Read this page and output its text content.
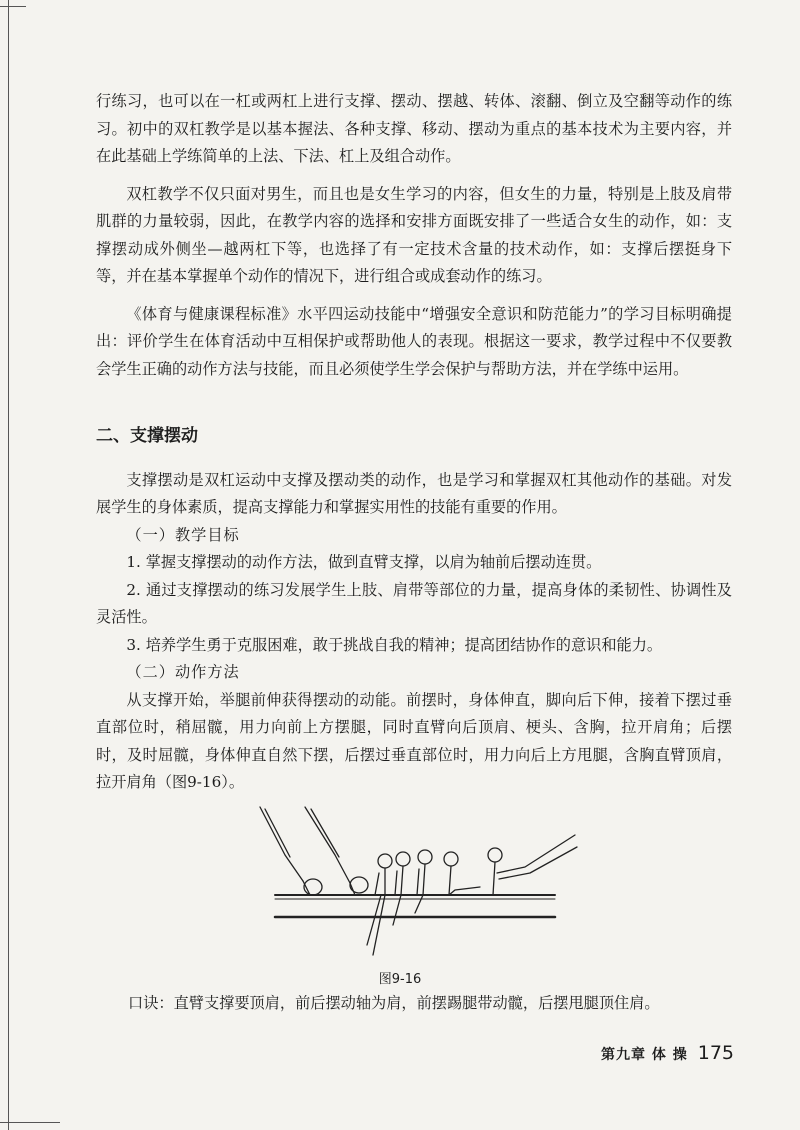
行练习，也可以在一杠或两杠上进行支撑、摆动、摆越、转体、滚翻、倒立及空翻等动作的练习。初中的双杠教学是以基本握法、各种支撑、移动、摆动为重点的基本技术为主要内容，并在此基础上学练简单的上法、下法、杠上及组合动作。

双杠教学不仅只面对男生，而且也是女生学习的内容，但女生的力量，特别是上肢及肩带肌群的力量较弱，因此，在教学内容的选择和安排方面既安排了一些适合女生的动作，如：支撑摆动成外侧坐—越两杠下等，也选择了有一定技术含量的技术动作，如：支撑后摆挺身下等，并在基本掌握单个动作的情况下，进行组合或成套动作的练习。

《体育与健康课程标准》水平四运动技能中“增强安全意识和防范能力”的学习目标明确提出：评价学生在体育活动中互相保护或帮助他人的表现。根据这一要求，教学过程中不仅要教会学生正确的动作方法与技能，而且必须使学生学会保护与帮助方法，并在学练中运用。

二、支撑摆动

支撑摆动是双杠运动中支撑及摆动类的动作，也是学习和掌握双杠其他动作的基础。对发展学生的身体素质，提高支撑能力和掌握实用性的技能有重要的作用。

（一）教学目标

1. 掌握支撑摆动的动作方法，做到直臂支撑，以肩为轴前后摆动连贯。

2. 通过支撑摆动的练习发展学生上肢、肩带等部位的力量，提高身体的柔韧性、协调性及灵活性。

3. 培养学生勇于克服困难，敢于挑战自我的精神；提高团结协作的意识和能力。

（二）动作方法

从支撑开始，举腿前伸获得摆动的动能。前摆时，身体伸直，脚向后下伸，接着下摆过垂直部位时，稍屈髋，用力向前上方摆腿，同时直臂向后顶肩、梗头、含胸，拉开肩角；后摆时，及时屈髋，身体伸直自然下摆，后摆过垂直部位时，用力向后上方甩腿，含胸直臂顶肩，拉开肩角（图9-16）。

图9-16
口诀：直臂支撑要顶肩，前后摆动轴为肩，前摆踢腿带动髋，后摆甩腿顶住肩。
第九章 体 操 175
